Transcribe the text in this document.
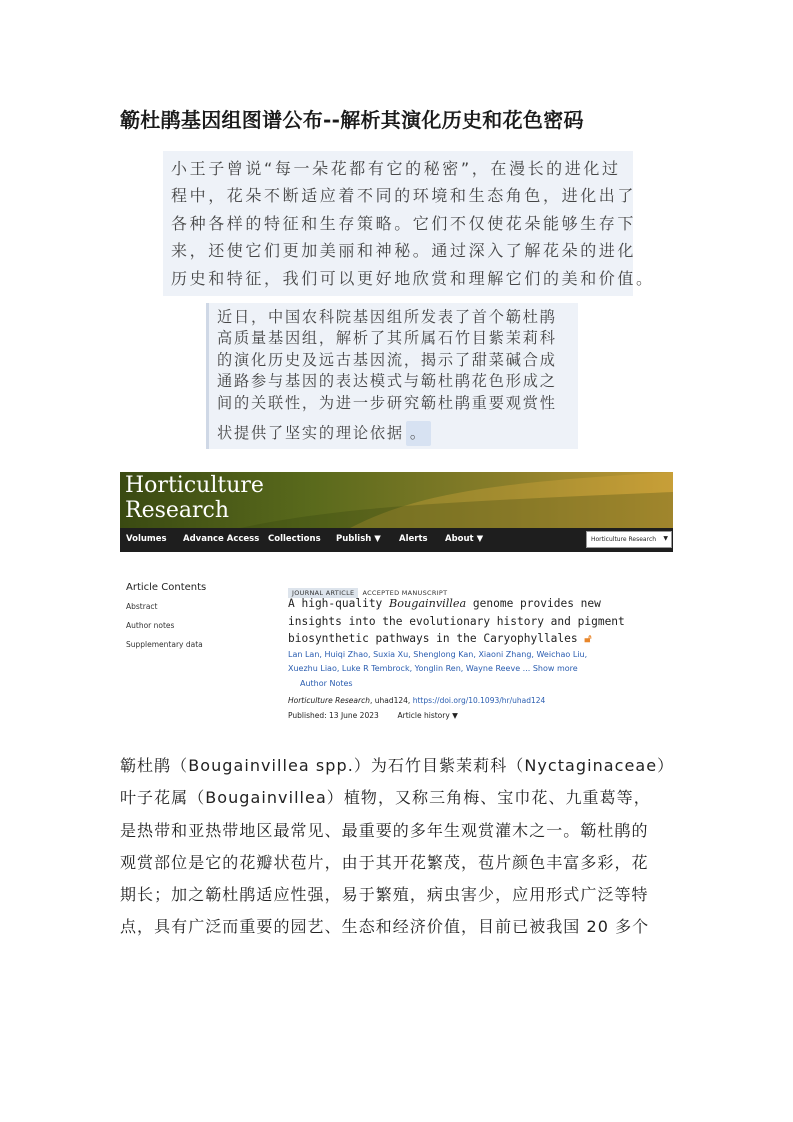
簕杜鹃基因组图谱公布--解析其演化历史和花色密码
小王子曾说“每一朵花都有它的秘密”，在漫长的进化过
程中，花朵不断适应着不同的环境和生态角色，进化出了
各种各样的特征和生存策略。它们不仅使花朵能够生存下
来，还使它们更加美丽和神秘。通过深入了解花朵的进化
历史和特征，我们可以更好地欣赏和理解它们的美和价值。
近日，中国农科院基因组所发表了首个簕杜鹃
高质量基因组，解析了其所属石竹目紫茉莉科
的演化历史及远古基因流，揭示了甜菜碱合成
通路参与基因的表达模式与簕杜鹃花色形成之
间的关联性，为进一步研究簕杜鹃重要观赏性
状提供了坚实的理论依据 。
Horticulture
Research
Volumes Advance Access Collections Publish ▼ Alerts About ▼	Horticulture Research ▼
Article Contents
Abstract
Author notes
Supplementary data
JOURNAL ARTICLE ACCEPTED MANUSCRIPT
A high-quality Bougainvillea genome provides new
insights into the evolutionary history and pigment
biosynthetic pathways in the Caryophyllales 🔓︎
Lan Lan, Huiqi Zhao, Suxia Xu, Shenglong Kan, Xiaoni Zhang, Weichao Liu,
Xuezhu Liao, Luke R Tembrock, Yonglin Ren, Wayne Reeve ... Show more
Author Notes
Horticulture Research, uhad124, https://doi.org/10.1093/hr/uhad124
Published: 13 June 2023	Article history ▼
簕杜鹃（Bougainvillea spp.）为石竹目紫茉莉科（Nyctaginaceae）
叶子花属（Bougainvillea）植物，又称三角梅、宝巾花、九重葛等，
是热带和亚热带地区最常见、最重要的多年生观赏灌木之一。簕杜鹃的
观赏部位是它的花瓣状苞片，由于其开花繁茂，苞片颜色丰富多彩，花
期长；加之簕杜鹃适应性强，易于繁殖，病虫害少，应用形式广泛等特
点，具有广泛而重要的园艺、生态和经济价值，目前已被我国 20 多个
